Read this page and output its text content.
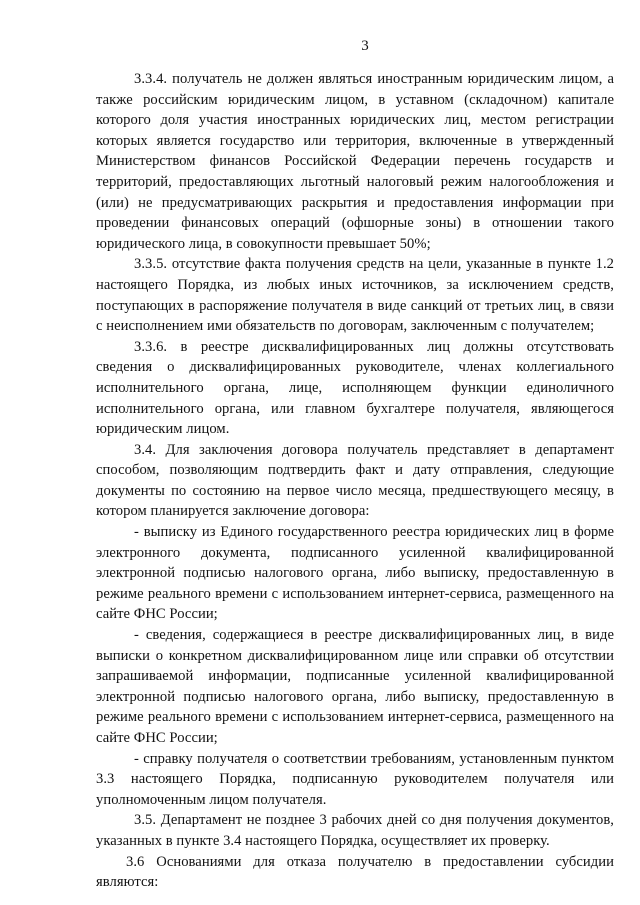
3

3.3.4. получатель не должен являться иностранным юридическим лицом, а также российским юридическим лицом, в уставном (складочном) капитале которого доля участия иностранных юридических лиц, местом регистрации которых является государство или территория, включенные в утвержденный Министерством финансов Российской Федерации перечень государств и территорий, предоставляющих льготный налоговый режим налогообложения и (или) не предусматривающих раскрытия и предоставления информации при проведении финансовых операций (офшорные зоны) в отношении такого юридического лица, в совокупности превышает 50%;

3.3.5. отсутствие факта получения средств на цели, указанные в пункте 1.2 настоящего Порядка, из любых иных источников, за исключением средств, поступающих в распоряжение получателя в виде санкций от третьих лиц, в связи с неисполнением ими обязательств по договорам, заключенным с получателем;

3.3.6. в реестре дисквалифицированных лиц должны отсутствовать сведения о дисквалифицированных руководителе, членах коллегиального исполнительного органа, лице, исполняющем функции единоличного исполнительного органа, или главном бухгалтере получателя, являющегося юридическим лицом.

3.4. Для заключения договора получатель представляет в департамент способом, позволяющим подтвердить факт и дату отправления, следующие документы по состоянию на первое число месяца, предшествующего месяцу, в котором планируется заключение договора:

- выписку из Единого государственного реестра юридических лиц в форме электронного документа, подписанного усиленной квалифицированной электронной подписью налогового органа, либо выписку, предоставленную в режиме реального времени с использованием интернет-сервиса, размещенного на сайте ФНС России;

- сведения, содержащиеся в реестре дисквалифицированных лиц, в виде выписки о конкретном дисквалифицированном лице или справки об отсутствии запрашиваемой информации, подписанные усиленной квалифицированной электронной подписью налогового органа, либо выписку, предоставленную в режиме реального времени с использованием интернет-сервиса, размещенного на сайте ФНС России;

- справку получателя о соответствии требованиям, установленным пунктом 3.3 настоящего Порядка, подписанную руководителем получателя или уполномоченным лицом получателя.

3.5. Департамент не позднее 3 рабочих дней со дня получения документов, указанных в пункте 3.4 настоящего Порядка, осуществляет их проверку.

3.6 Основаниями для отказа получателю в предоставлении субсидии являются:
